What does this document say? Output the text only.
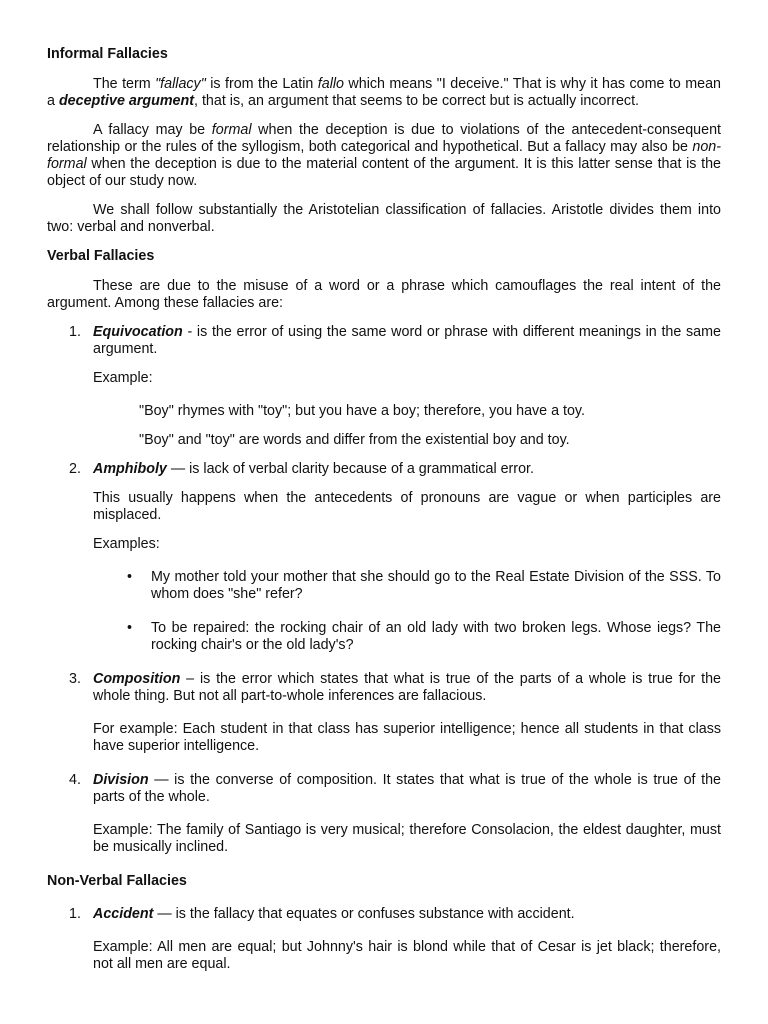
Informal Fallacies

The term "fallacy" is from the Latin fallo which means "I deceive." That is why it has come to mean a deceptive argument, that is, an argument that seems to be correct but is actually incorrect.

A fallacy may be formal when the deception is due to violations of the antecedent-consequent relationship or the rules of the syllogism, both categorical and hypothetical. But a fallacy may also be non-formal when the deception is due to the material content of the argument. It is this latter sense that is the object of our study now.

We shall follow substantially the Aristotelian classification of fallacies. Aristotle divides them into two: verbal and nonverbal.

Verbal Fallacies

These are due to the misuse of a word or a phrase which camouflages the real intent of the argument. Among these fallacies are:

1. Equivocation - is the error of using the same word or phrase with different meanings in the same argument.

Example:

"Boy" rhymes with "toy"; but you have a boy; therefore, you have a toy.

"Boy" and "toy" are words and differ from the existential boy and toy.

2. Amphiboly — is lack of verbal clarity because of a grammatical error.

This usually happens when the antecedents of pronouns are vague or when participles are misplaced.

Examples:

• My mother told your mother that she should go to the Real Estate Division of the SSS. To whom does "she" refer?

• To be repaired: the rocking chair of an old lady with two broken legs. Whose iegs? The rocking chair's or the old lady's?

3. Composition – is the error which states that what is true of the parts of a whole is true for the whole thing. But not all part-to-whole inferences are fallacious.

For example: Each student in that class has superior intelligence; hence all students in that class have superior intelligence.

4. Division — is the converse of composition. It states that what is true of the whole is true of the parts of the whole.

Example: The family of Santiago is very musical; therefore Consolacion, the eldest daughter, must be musically inclined.

Non-Verbal Fallacies

1. Accident — is the fallacy that equates or confuses substance with accident.

Example: All men are equal; but Johnny's hair is blond while that of Cesar is jet black; therefore, not all men are equal.
